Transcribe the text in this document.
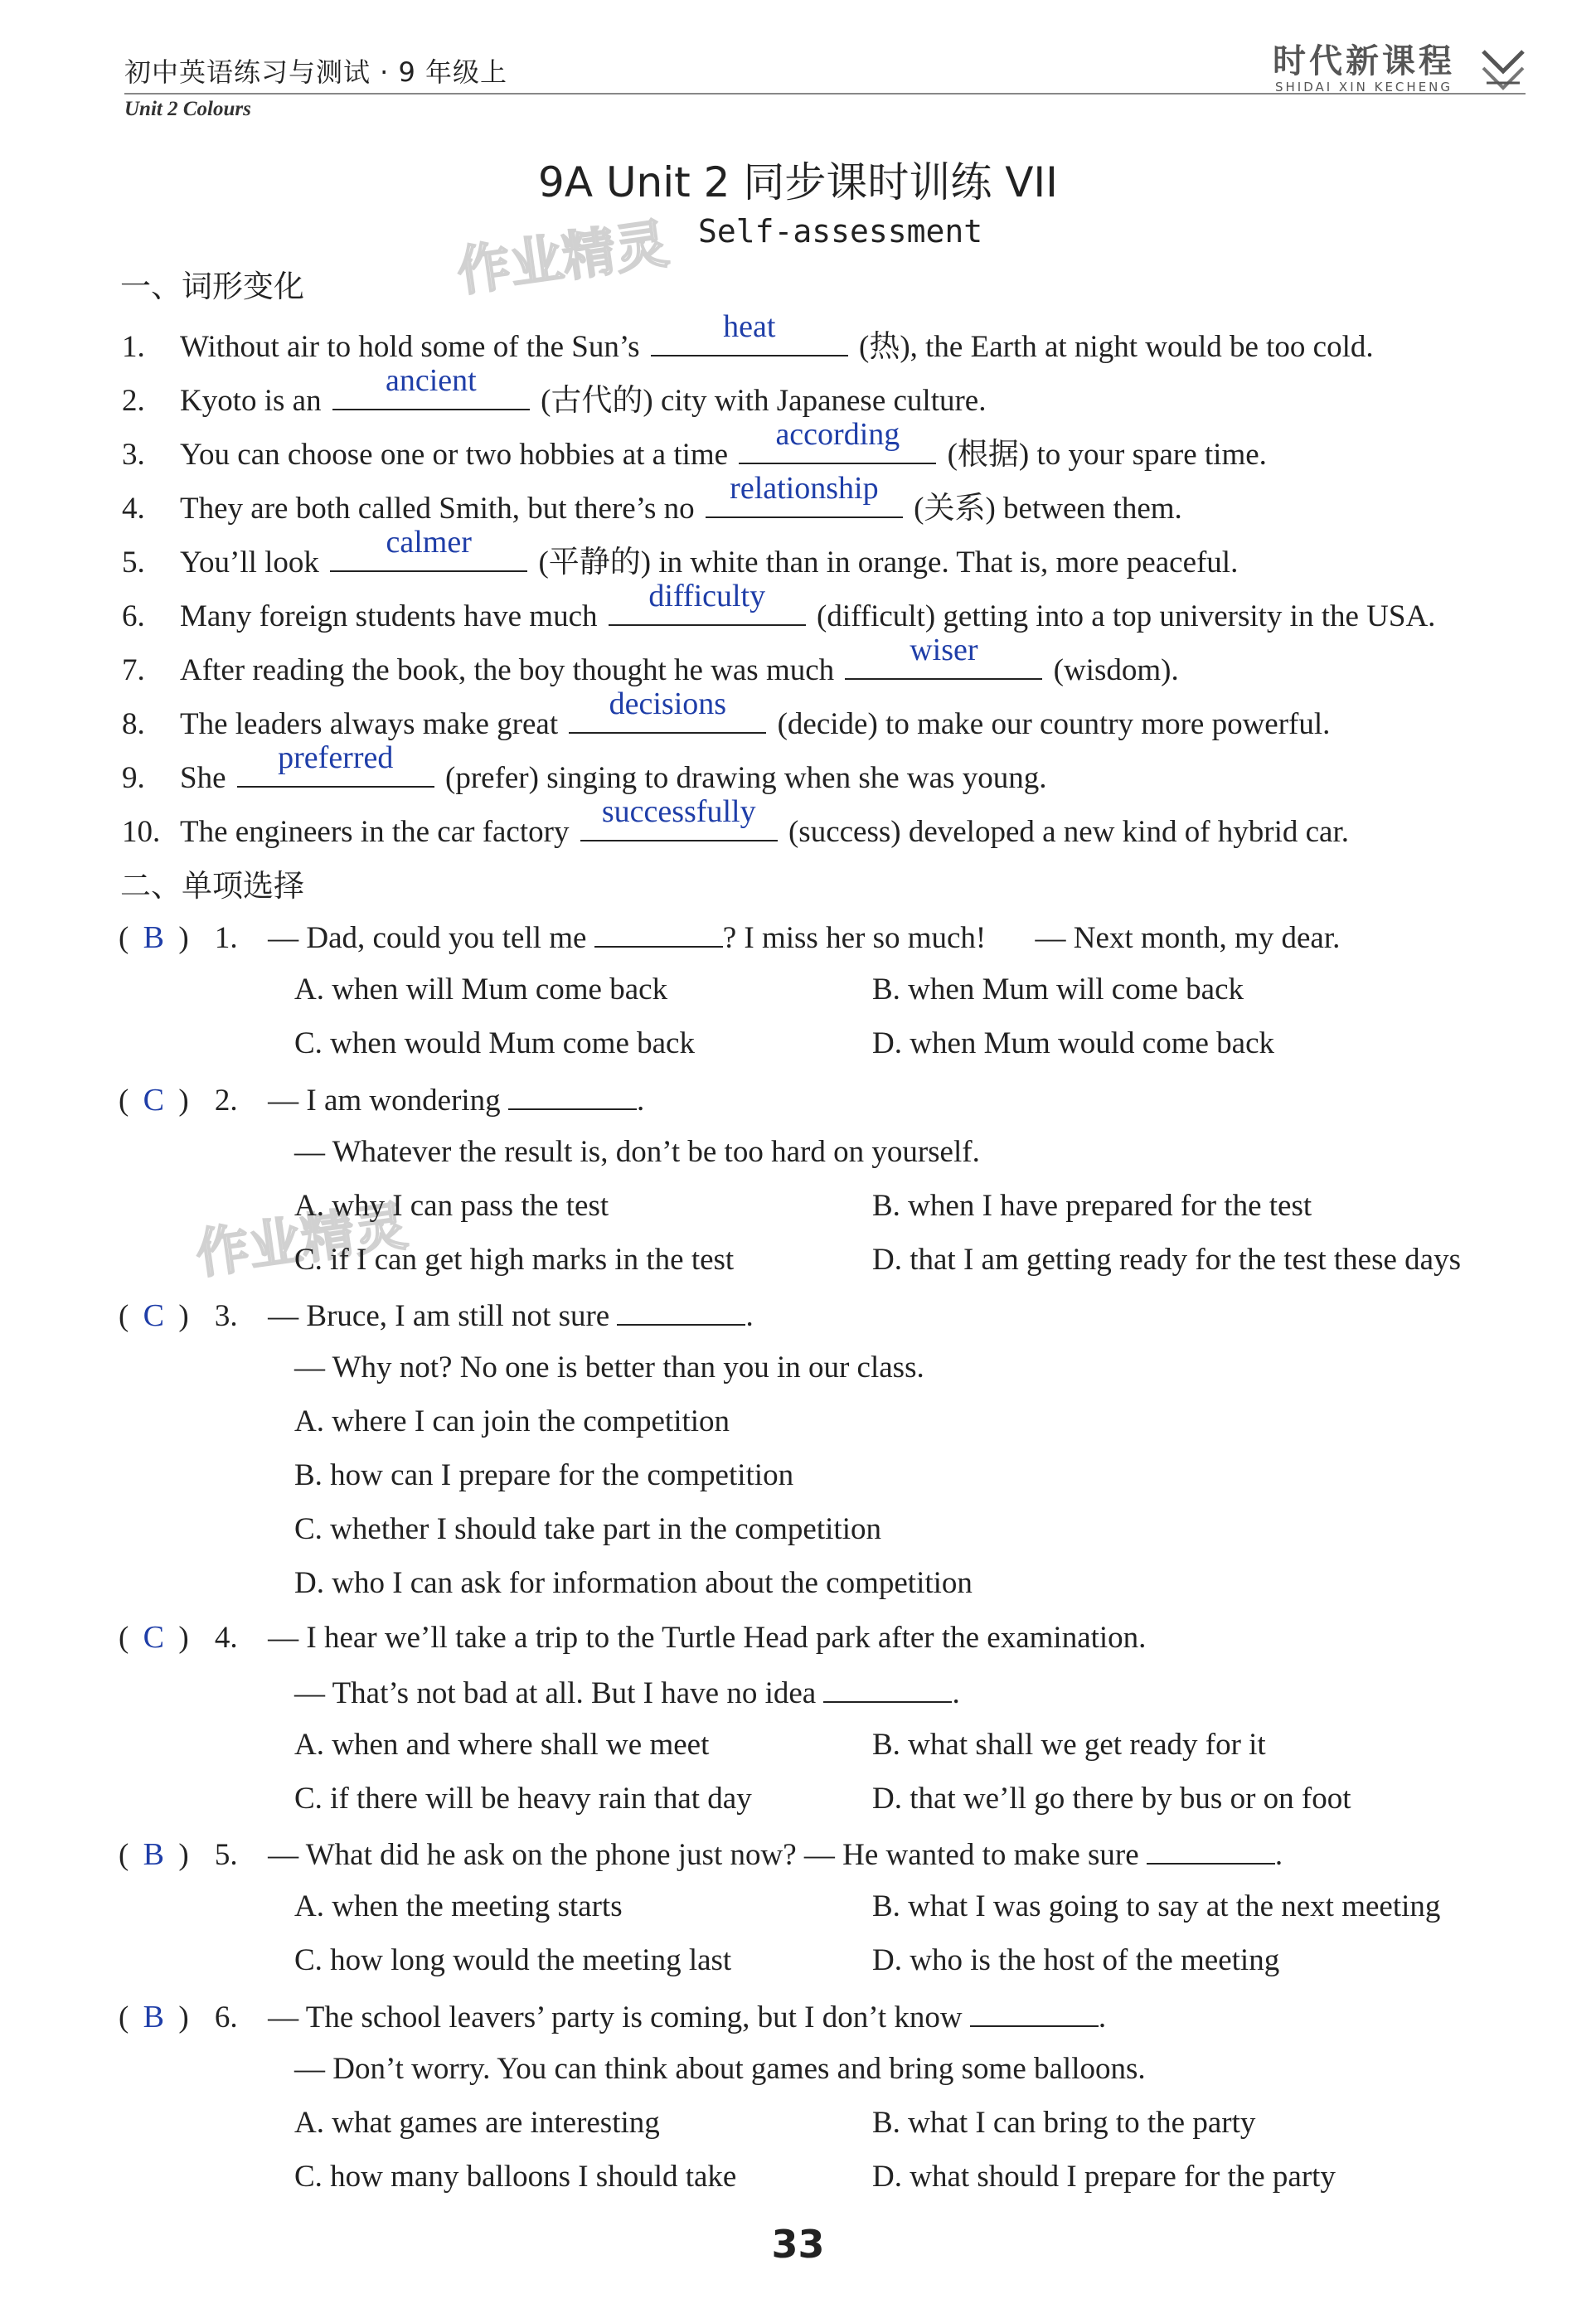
初中英语练习与测试 · 9 年级上
Unit 2 Colours
时代新课程
SHIDAI XIN KECHENG
9A Unit 2 同步课时训练 VII
Self-assessment
作业精灵
作业精灵
一、词形变化
1. Without air to hold some of the Sun’s
heat
(热), the Earth at night would be too cold.
2. Kyoto is an
ancient
(古代的) city with Japanese culture.
3. You can choose one or two hobbies at a time
according
(根据) to your spare time.
4. They are both called Smith, but there’s no
relationship
(关系) between them.
5. You’ll look
calmer
(平静的) in white than in orange. That is, more peaceful.
6. Many foreign students have much
difficulty
(difficult) getting into a top university in the USA.
7. After reading the book, the boy thought he was much
wiser
(wisdom).
8. The leaders always make great
decisions
(decide) to make our country more powerful.
9. She
preferred
(prefer) singing to drawing when she was young.
10. The engineers in the car factory
successfully
(success) developed a new kind of hybrid car.
二、单项选择
( B ) 1. — Dad, could you tell me	? I miss her so much! — Next month, my dear.
A. when will Mum come back	B. when Mum will come back
C. when would Mum come back	D. when Mum would come back
( C ) 2. — I am wondering	.
— Whatever the result is, don’t be too hard on yourself.
A. why I can pass the test	B. when I have prepared for the test
C. if I can get high marks in the test	D. that I am getting ready for the test these days
( C ) 3. — Bruce, I am still not sure	.
— Why not? No one is better than you in our class.
A. where I can join the competition
B. how can I prepare for the competition
C. whether I should take part in the competition
D. who I can ask for information about the competition
( C ) 4. — I hear we’ll take a trip to the Turtle Head park after the examination.
— That’s not bad at all. But I have no idea	.
A. when and where shall we meet	B. what shall we get ready for it
C. if there will be heavy rain that day	D. that we’ll go there by bus or on foot
( B ) 5. — What did he ask on the phone just now? — He wanted to make sure	.
A. when the meeting starts	B. what I was going to say at the next meeting
C. how long would the meeting last	D. who is the host of the meeting
( B ) 6. — The school leavers’ party is coming, but I don’t know	.
— Don’t worry. You can think about games and bring some balloons.
A. what games are interesting	B. what I can bring to the party
C. how many balloons I should take	D. what should I prepare for the party
33
